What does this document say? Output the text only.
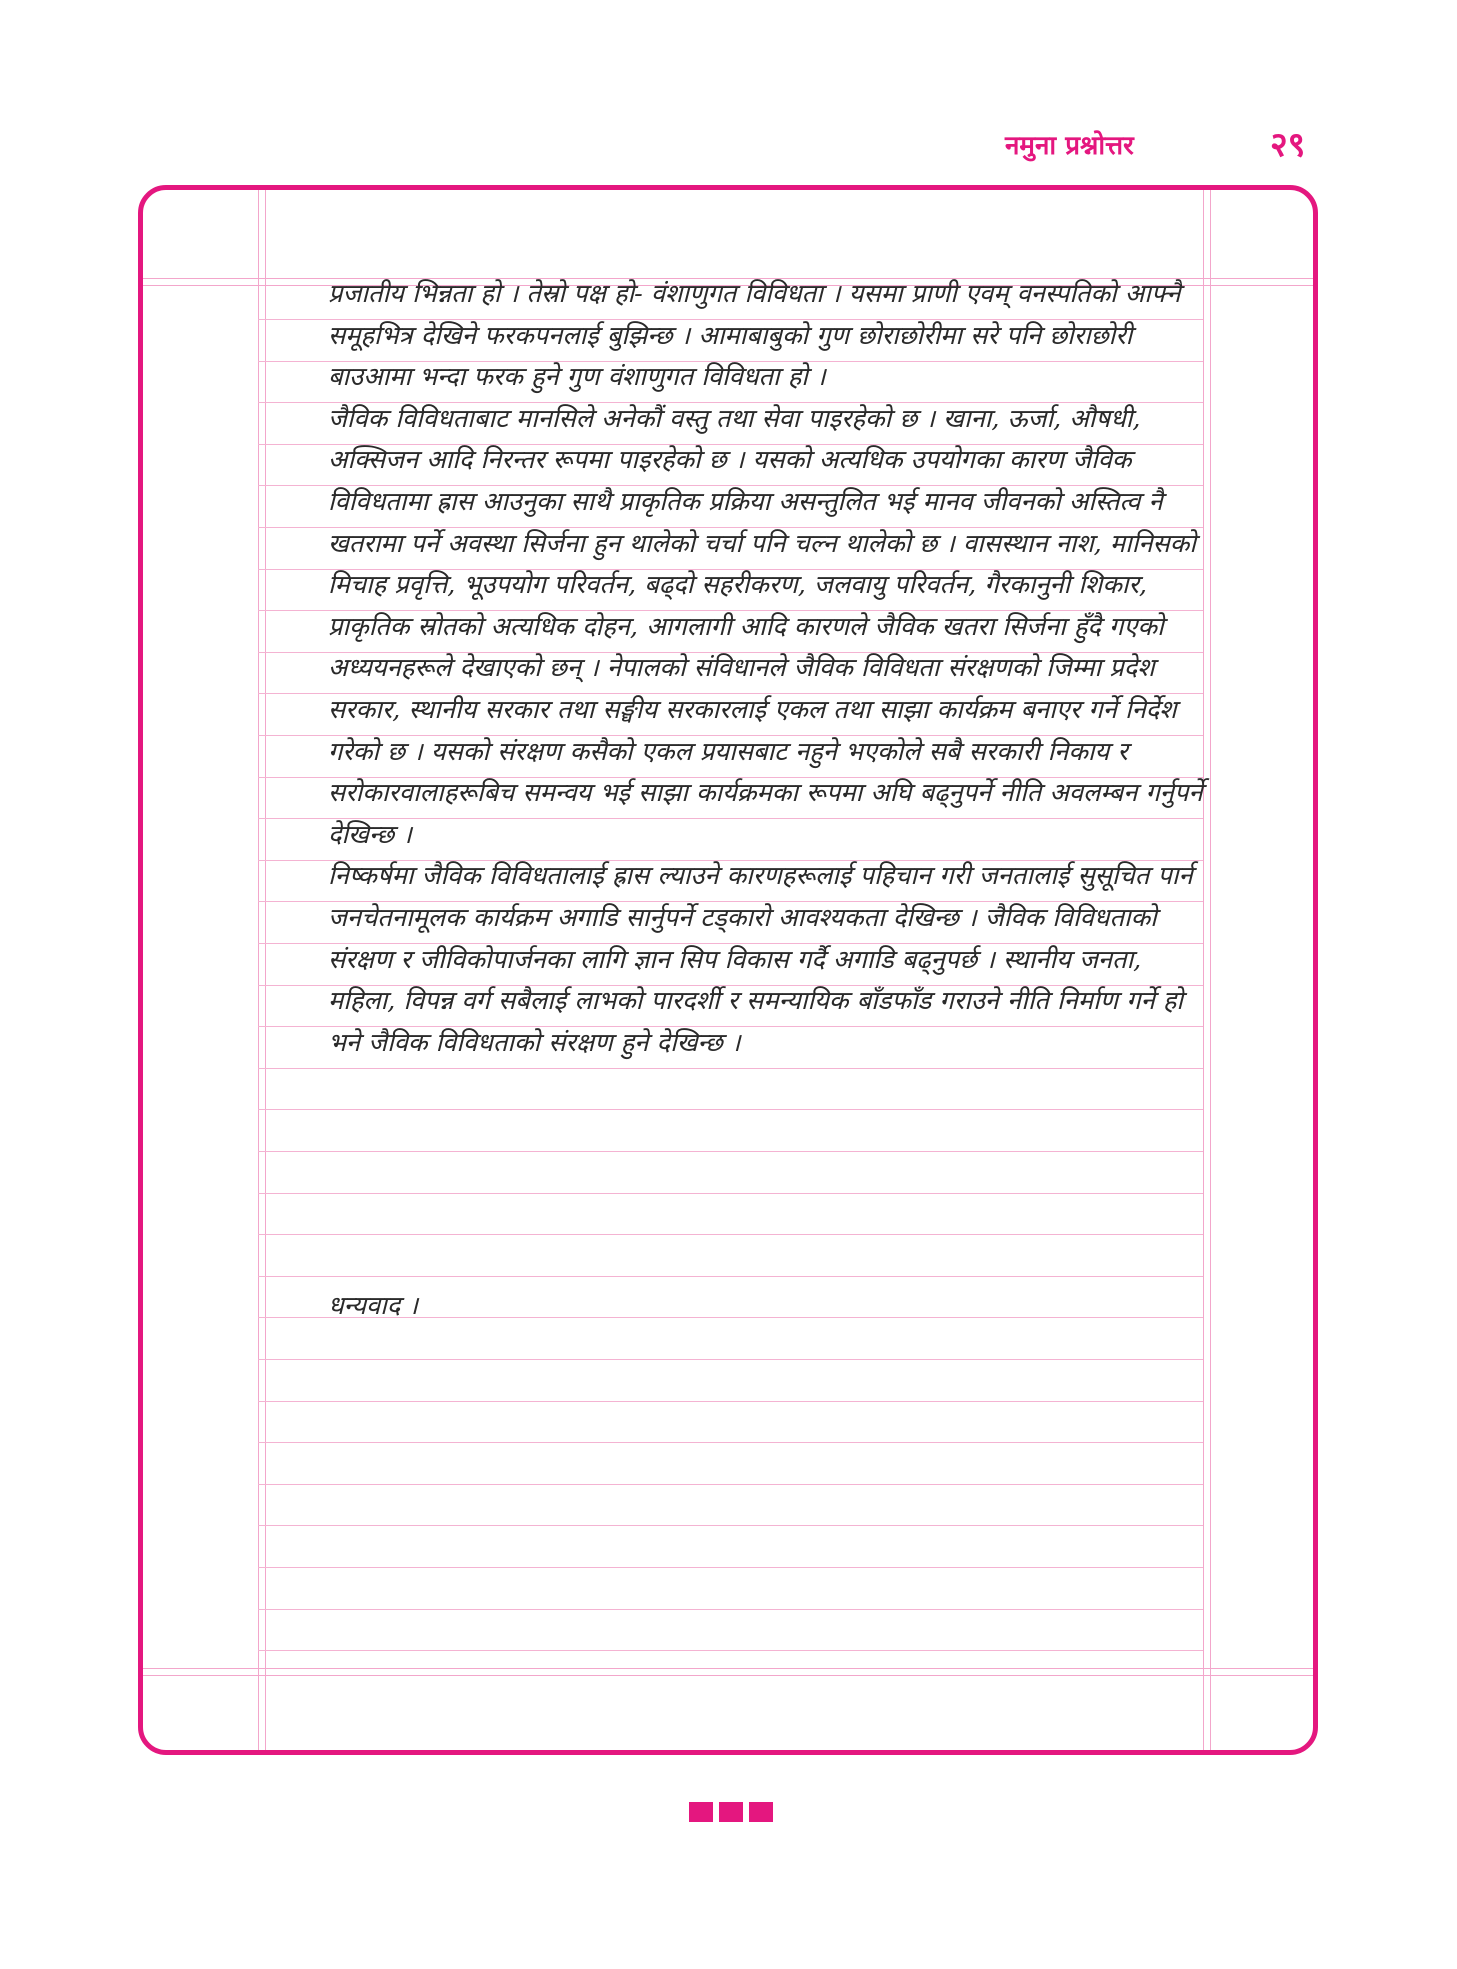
नमुना प्रश्नोत्तर	२९

प्रजातीय भिन्नता हो । तेस्रो पक्ष हो- वंशाणुगत विविधता । यसमा प्राणी एवम् वनस्पतिको आफ्नै समूहभित्र देखिने फरकपनलाई बुझिन्छ । आमाबाबुको गुण छोराछोरीमा सरे पनि छोराछोरी बाउआमा भन्दा फरक हुने गुण वंशाणुगत विविधता हो ।

जैविक विविधताबाट मानसिले अनेकौं वस्तु तथा सेवा पाइरहेको छ । खाना, ऊर्जा, औषधी, अक्सिजन आदि निरन्तर रूपमा पाइरहेको छ । यसको अत्यधिक उपयोगका कारण जैविक विविधतामा ह्रास आउनुका साथै प्राकृतिक प्रक्रिया असन्तुलित भई मानव जीवनको अस्तित्व नै खतरामा पर्ने अवस्था सिर्जना हुन थालेको चर्चा पनि चल्न थालेको छ । वासस्थान नाश, मानिसको मिचाह प्रवृत्ति, भूउपयोग परिवर्तन, बढ्दो सहरीकरण, जलवायु परिवर्तन, गैरकानुनी शिकार, प्राकृतिक स्रोतको अत्यधिक दोहन, आगलागी आदि कारणले जैविक खतरा सिर्जना हुँदै गएको अध्ययनहरूले देखाएको छन् । नेपालको संविधानले जैविक विविधता संरक्षणको जिम्मा प्रदेश सरकार, स्थानीय सरकार तथा सङ्घीय सरकारलाई एकल तथा साझा कार्यक्रम बनाएर गर्ने निर्देश गरेको छ । यसको संरक्षण कसैको एकल प्रयासबाट नहुने भएकोले सबै सरकारी निकाय र सरोकारवालाहरूबिच समन्वय भई साझा कार्यक्रमका रूपमा अघि बढ्नुपर्ने नीति अवलम्बन गर्नुपर्ने देखिन्छ ।

निष्कर्षमा जैविक विविधतालाई ह्रास ल्याउने कारणहरूलाई पहिचान गरी जनतालाई सुसूचित पार्न जनचेतनामूलक कार्यक्रम अगाडि सार्नुपर्ने टड्कारो आवश्यकता देखिन्छ । जैविक विविधताको संरक्षण र जीविकोपार्जनका लागि ज्ञान सिप विकास गर्दै अगाडि बढ्नुपर्छ । स्थानीय जनता, महिला, विपन्न वर्ग सबैलाई लाभको पारदर्शी र समन्यायिक बाँडफाँड गराउने नीति निर्माण गर्ने हो भने जैविक विविधताको संरक्षण हुने देखिन्छ ।

धन्यवाद ।
